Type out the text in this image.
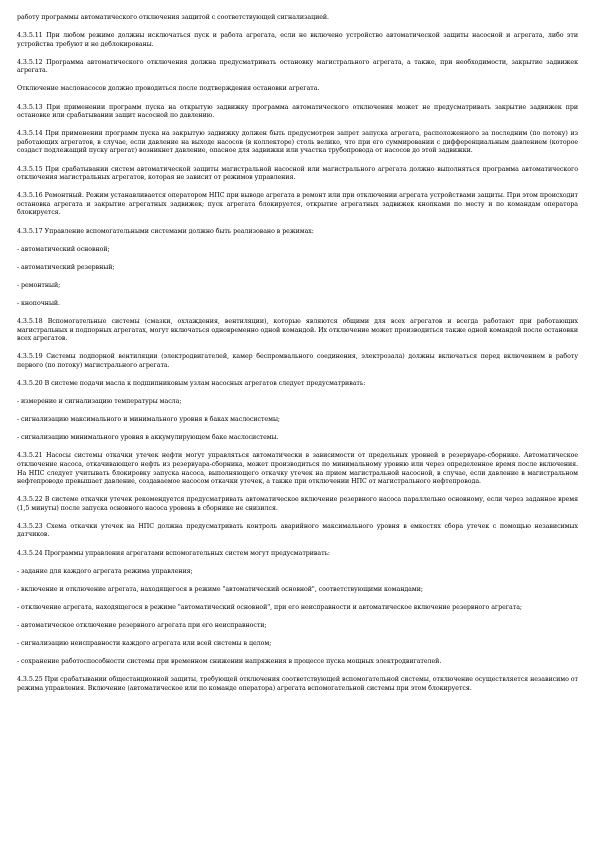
работу программы автоматического отключения защитой с соответствующей сигнализацией.

4.3.5.11 При любом режиме должны исключаться пуск и работа агрегата, если не включено устройство автоматической защиты насосной и агрегата, либо эти устройства требуют и не деблокированы.

4.3.5.12 Программа автоматического отключения должна предусматривать остановку магистрального агрегата, а также, при необходимости, закрытие задвижек агрегата.

Отключение маслонасосов должно проводиться после подтверждения остановки агрегата.

4.3.5.13 При применении программ пуска на открытую задвижку программа автоматического отключения может не предусматривать закрытие задвижек при остановке или срабатывании защит насосной по давлению.

4.3.5.14 При применении программ пуска на закрытую задвижку должен быть предусмотрен запрет запуска агрегата, расположенного за последним (по потоку) из работающих агрегатов, в случае, если давление на выходе насосов (в коллекторе) столь велико, что при его суммировании с дифференциальным давлением (которое создаст подлежащий пуску агрегат) возникнет давление, опасное для задвижки или участка трубопровода от насосов до этой задвижки.

4.3.5.15 При срабатывании систем автоматической защиты магистральной насосной или магистрального агрегата должно выполняться программа автоматического отключения магистральных агрегатов, которая не зависит от режимов управления.

4.3.5.16 Ремонтный. Режим устанавливается оператором НПС при выводе агрегата в ремонт или при отключении агрегата устройствами защиты. При этом происходит остановка агрегата и закрытие агрегатных задвижек; пуск агрегата блокируется, открытие агрегатных задвижек кнопками по месту и по командам оператора блокируется.

4.3.5.17 Управление вспомогательными системами должно быть реализовано в режимах:

- автоматический основной;

- автоматический резервный;

- ремонтный;

- кнопочный.

4.3.5.18 Вспомогательные системы (смазки, охлаждения, вентиляции), которые являются общими для всех агрегатов и всегда работают при работающих магистральных и подпорных агрегатах, могут включаться одновременно одной командой. Их отключение может производиться также одной командой после остановки всех агрегатов.

4.3.5.19 Системы подпорной вентиляции (электродвигателей, камер беспромвального соединения, электрозала) должны включаться перед включением в работу первого (по потоку) магистрального агрегата.

4.3.5.20 В системе подачи масла к подшипниковым узлам насосных агрегатов следует предусматривать:

- измерение и сигнализацию температуры масла;

- сигнализацию максимального и минимального уровня в баках маслосистемы;

- сигнализацию минимального уровня в аккумулирующем баке маслосистемы.

4.3.5.21 Насосы системы откачки утечек нефти могут управляться автоматически в зависимости от предельных уровней в резервуаре-сборнике. Автоматическое отключение насоса, откачивающего нефть из резервуара-сборника, может производиться по минимальному уровню или через определенное время после включения. На НПС следует учитывать блокировку запуска насоса, выполняющего откачку утечек на прием магистральной насосной, в случае, если давление в магистральном нефтепроводе превышает давление, создаваемое насосом откачки утечек, а также при отключении НПС от магистрального нефтепровода.

4.3.5.22 В системе откачки утечек рекомендуется предусматривать автоматическое включение резервного насоса параллельно основному, если через заданное время (1,5 минуты) после запуска основного насоса уровень в сборнике не снизился.

4.3.5.23 Схема откачки утечек на НПС должна предусматривать контроль аварийного максимального уровня в емкостях сбора утечек с помощью независимых датчиков.

4.3.5.24 Программы управления агрегатами вспомогательных систем могут предусматривать:

- задание для каждого агрегата режима управления;

- включение и отключение агрегата, находящегося в режиме "автоматический основной", соответствующими командами;

- отключение агрегата, находящегося в режиме "автоматический основной", при его неисправности и автоматическое включение резервного агрегата;

- автоматическое отключение резервного агрегата при его неисправности;

- сигнализацию неисправности каждого агрегата или всей системы в целом;

- сохранение работоспособности системы при временном снижении напряжения в процессе пуска мощных электродвигателей.

4.3.5.25 При срабатывании общестанционной защиты, требующей отключения соответствующей вспомогательной системы, отключение осуществляется независимо от режима управления. Включение (автоматическое или по команде оператора) агрегата вспомогательной системы при этом блокируется.
